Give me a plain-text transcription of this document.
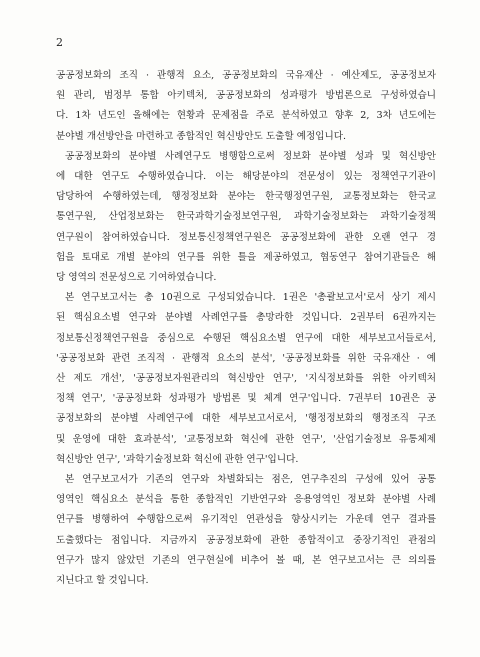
2

공공정보화의 조직 · 관행적 요소, 공공정보화의 국유재산 · 예산제도, 공공정보자
원 관리, 범정부 통합 아키텍처, 공공정보화의 성과평가 방법론으로 구성하였습니
다. 1차 년도인 올해에는 현황과 문제점을 주로 분석하였고 향후 2, 3차 년도에는
분야별 개선방안을 마련하고 종합적인 혁신방안도 도출할 예정입니다.

공공정보화의 분야별 사례연구도 병행함으로써 정보화 분야별 성과 및 혁신방안
에 대한 연구도 수행하였습니다. 이는 해당분야의 전문성이 있는 정책연구기관이
담당하여 수행하였는데, 행정정보화 분야는 한국행정연구원, 교통정보화는 한국교
통연구원, 산업정보화는 한국과학기술정보연구원, 과학기술정보화는 과학기술정책
연구원이 참여하였습니다. 정보통신정책연구원은 공공정보화에 관한 오랜 연구 경
험을 토대로 개별 분야의 연구를 위한 틀을 제공하였고, 협동연구 참여기관들은 해
당 영역의 전문성으로 기여하였습니다.

본 연구보고서는 총 10권으로 구성되었습니다. 1권은 '총괄보고서'로서 상기 제시
된 핵심요소별 연구와 분야별 사례연구를 총망라한 것입니다. 2권부터 6권까지는
정보통신정책연구원을 중심으로 수행된 핵심요소별 연구에 대한 세부보고서들로서,
'공공정보화 관련 조직적 · 관행적 요소의 분석', '공공정보화를 위한 국유재산 · 예
산 제도 개선', '공공정보자원관리의 혁신방안 연구', '지식정보화를 위한 아키텍처
정책 연구', '공공정보화 성과평가 방법론 및 체계 연구'입니다. 7권부터 10권은 공
공정보화의 분야별 사례연구에 대한 세부보고서로서, '행정정보화의 행정조직 구조
및 운영에 대한 효과분석', '교통정보화 혁신에 관한 연구', '산업기술정보 유통체제
혁신방안 연구', '과학기술정보화 혁신에 관한 연구'입니다.

본 연구보고서가 기존의 연구와 차별화되는 점은, 연구추진의 구성에 있어 공통
영역인 핵심요소 분석을 통한 종합적인 기반연구와 응용영역인 정보화 분야별 사례
연구를 병행하여 수행함으로써 유기적인 연관성을 향상시키는 가운데 연구 결과를
도출했다는 점입니다. 지금까지 공공정보화에 관한 종합적이고 중장기적인 관점의
연구가 많지 않았던 기존의 연구현실에 비추어 볼 때, 본 연구보고서는 큰 의의를
지닌다고 할 것입니다.
